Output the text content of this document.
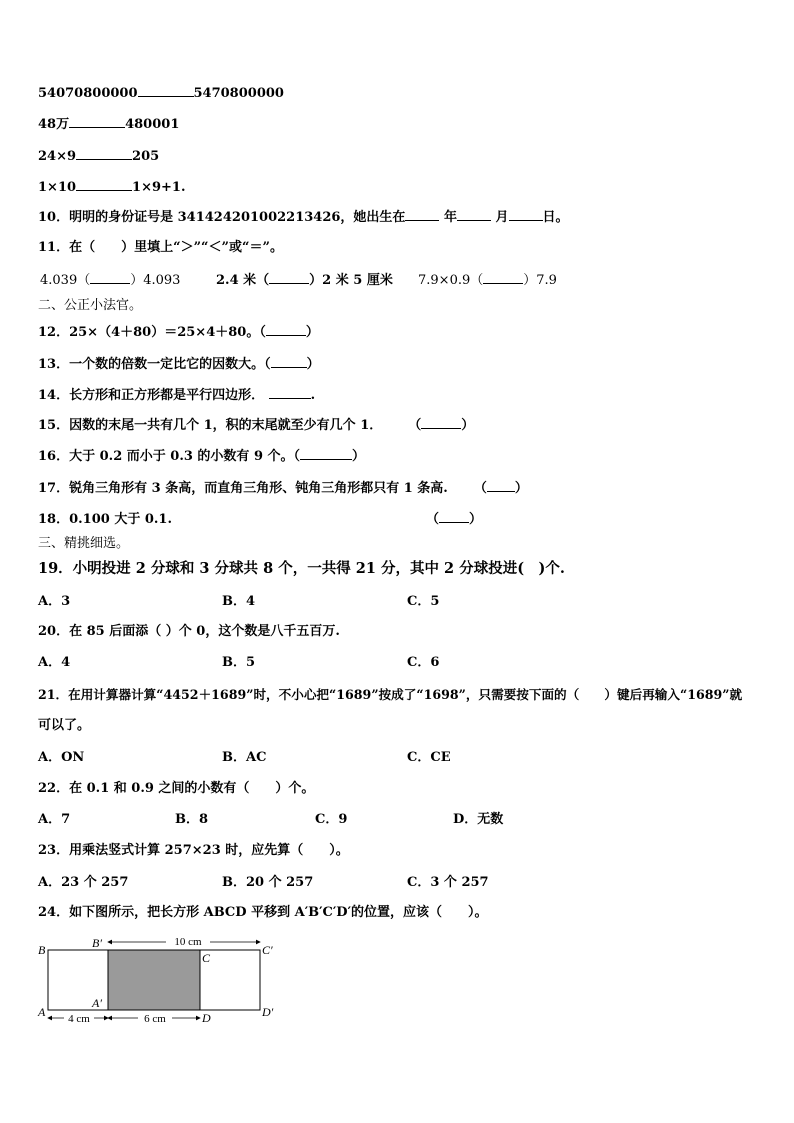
54070800000	5470800000
48万	480001
24×9	205
1×10	1×9+1.
10．明明的身份证号是 341424201002213426，她出生在	年	月	日。
11．在（　　）里填上“＞”“＜”或“＝”。
4.039（	）4.093	2.4 米（	）2 米 5 厘米 7.9×0.9（	）7.9
二、公正小法官。
12．25×（4＋80）＝25×4＋80。（	）
13．一个数的倍数一定比它的因数大。（	）
14．长方形和正方形都是平行四边形．	.
15．因数的末尾一共有几个 1，积的末尾就至少有几个 1． （	）
16．大于 0.2 而小于 0.3 的小数有 9 个。（	）
17．锐角三角形有 3 条高，而直角三角形、钝角三角形都只有 1 条高. （ ）
18．0.100 大于 0.1.	（ ）
三、精挑细选。
19．小明投进 2 分球和 3 分球共 8 个，一共得 21 分，其中 2 分球投进(　)个.
A．3	B．4	C．5
20．在 85 后面添（ ）个 0，这个数是八千五百万.
A．4	B．5	C．6
21．在用计算器计算“4452＋1689”时，不小心把“1689”按成了“1698”，只需要按下面的（　　）键后再输入“1689”就
可以了。
A．ON	B．AC	C．CE
22．在 0.1 和 0.9 之间的小数有（　　）个。
A．7	B．8	C．9	D．无数
23．用乘法竖式计算 257×23 时，应先算（　　）。
A．23 个 257	B．20 个 257	C．3 个 257
24．如下图所示，把长方形 ABCD 平移到 A′B′C′D′的位置，应该（　　）。
10 cm
4 cm	6 cm
B	B′
C
C′
A
A′
D	D′
